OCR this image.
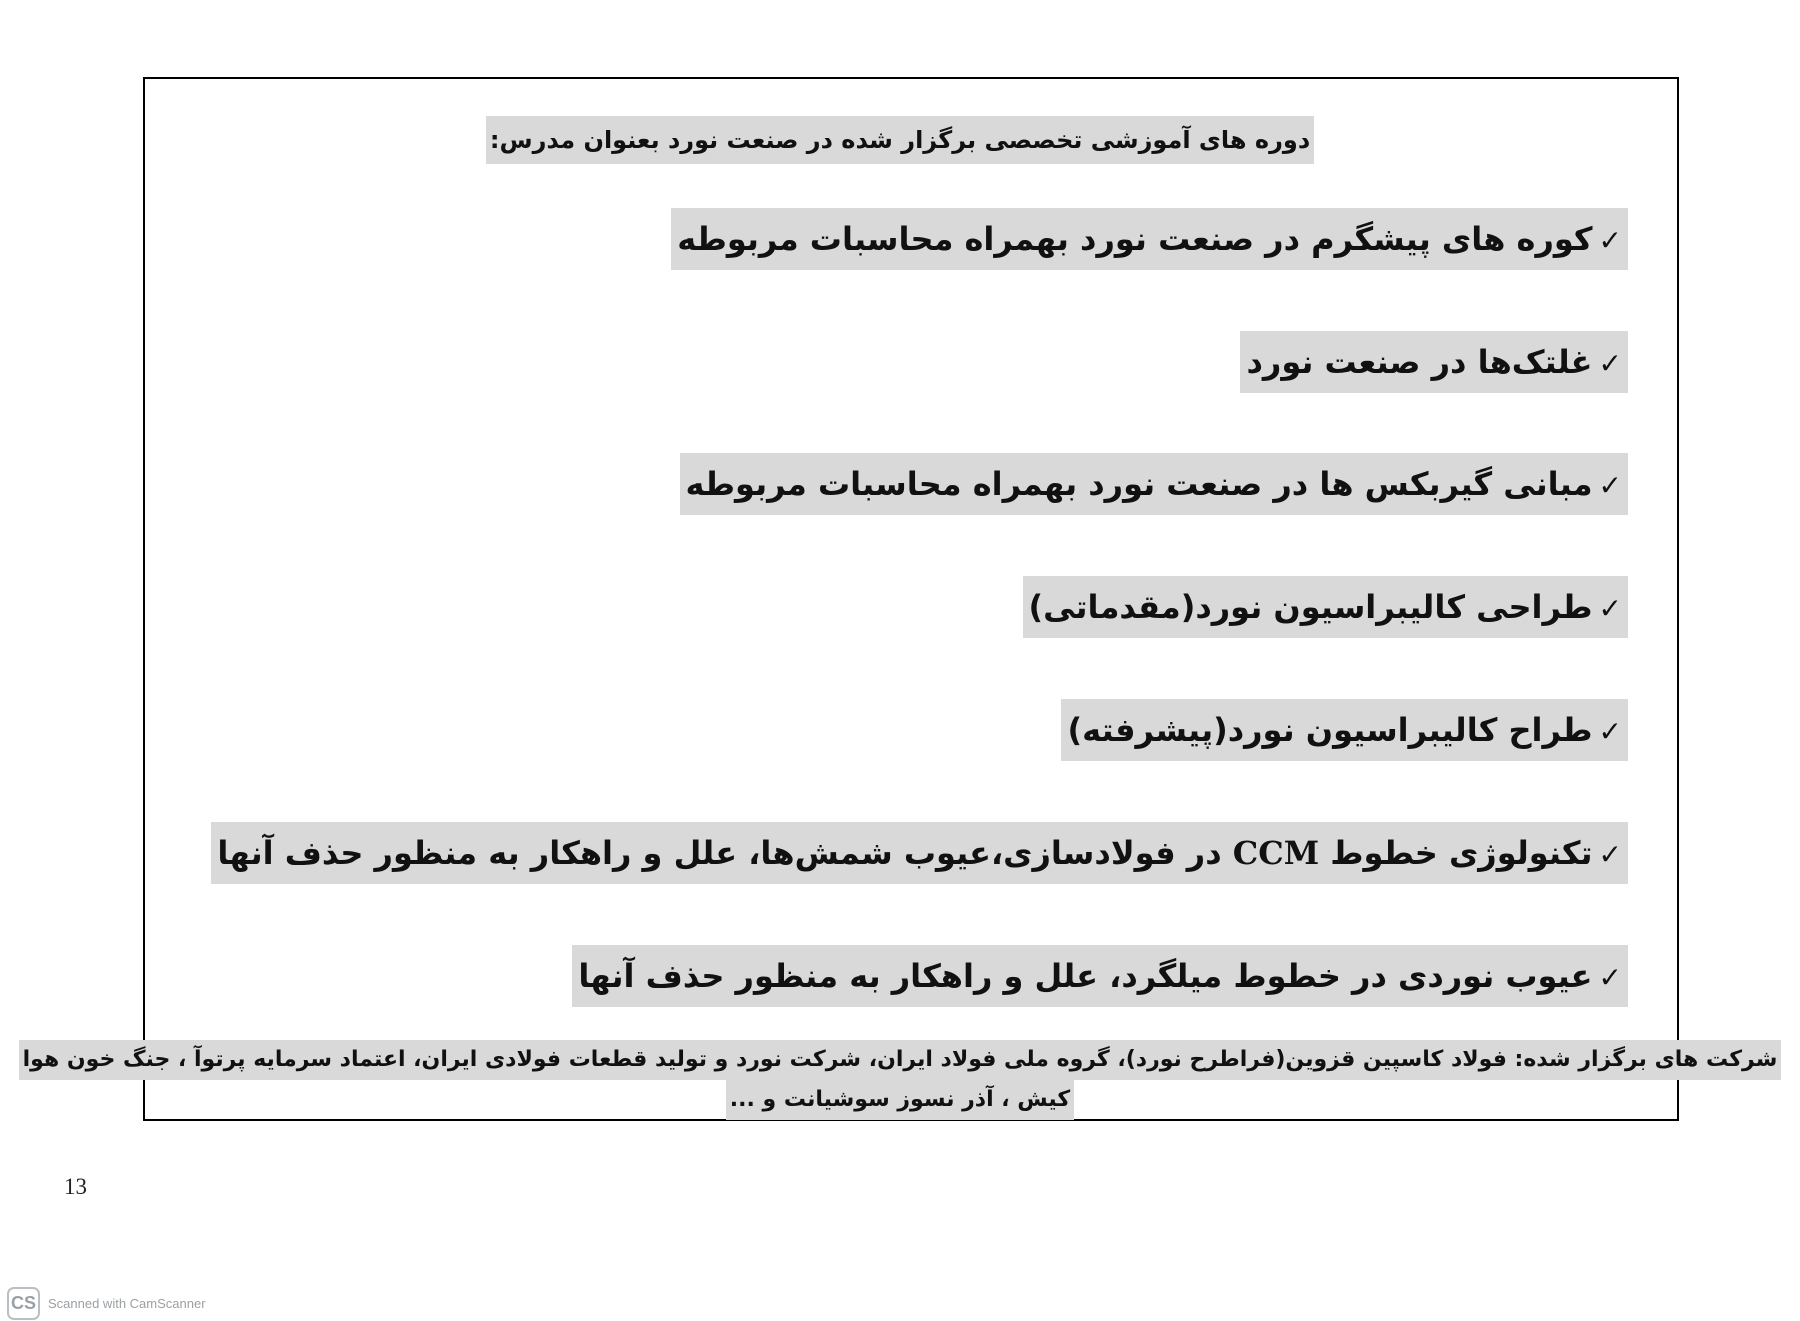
دوره های آموزشی تخصصی برگزار شده در صنعت نورد بعنوان مدرس:
✓کوره های پیشگرم در صنعت نورد بهمراه محاسبات مربوطه
✓غلتک‌ها در صنعت نورد
✓مبانی گیربکس ها در صنعت نورد بهمراه محاسبات مربوطه
✓طراحی کالیبراسیون نورد(مقدماتی)
✓طراح کالیبراسیون نورد(پیشرفته)
✓تکنولوژی خطوط CCM در فولادسازی،عیوب شمش‌ها، علل و راهکار به منظور حذف آنها
✓عیوب نوردی در خطوط میلگرد، علل و راهکار به منظور حذف آنها
شرکت های برگزار شده: فولاد کاسپین قزوین(فراطرح نورد)، گروه ملی فولاد ایران، شرکت نورد و تولید قطعات فولادی ایران، اعتماد سرمایه پرتوآ ، جنگ خون هوا
کیش ، آذر نسوز سوشیانت و ...
13
CS Scanned with CamScanner
